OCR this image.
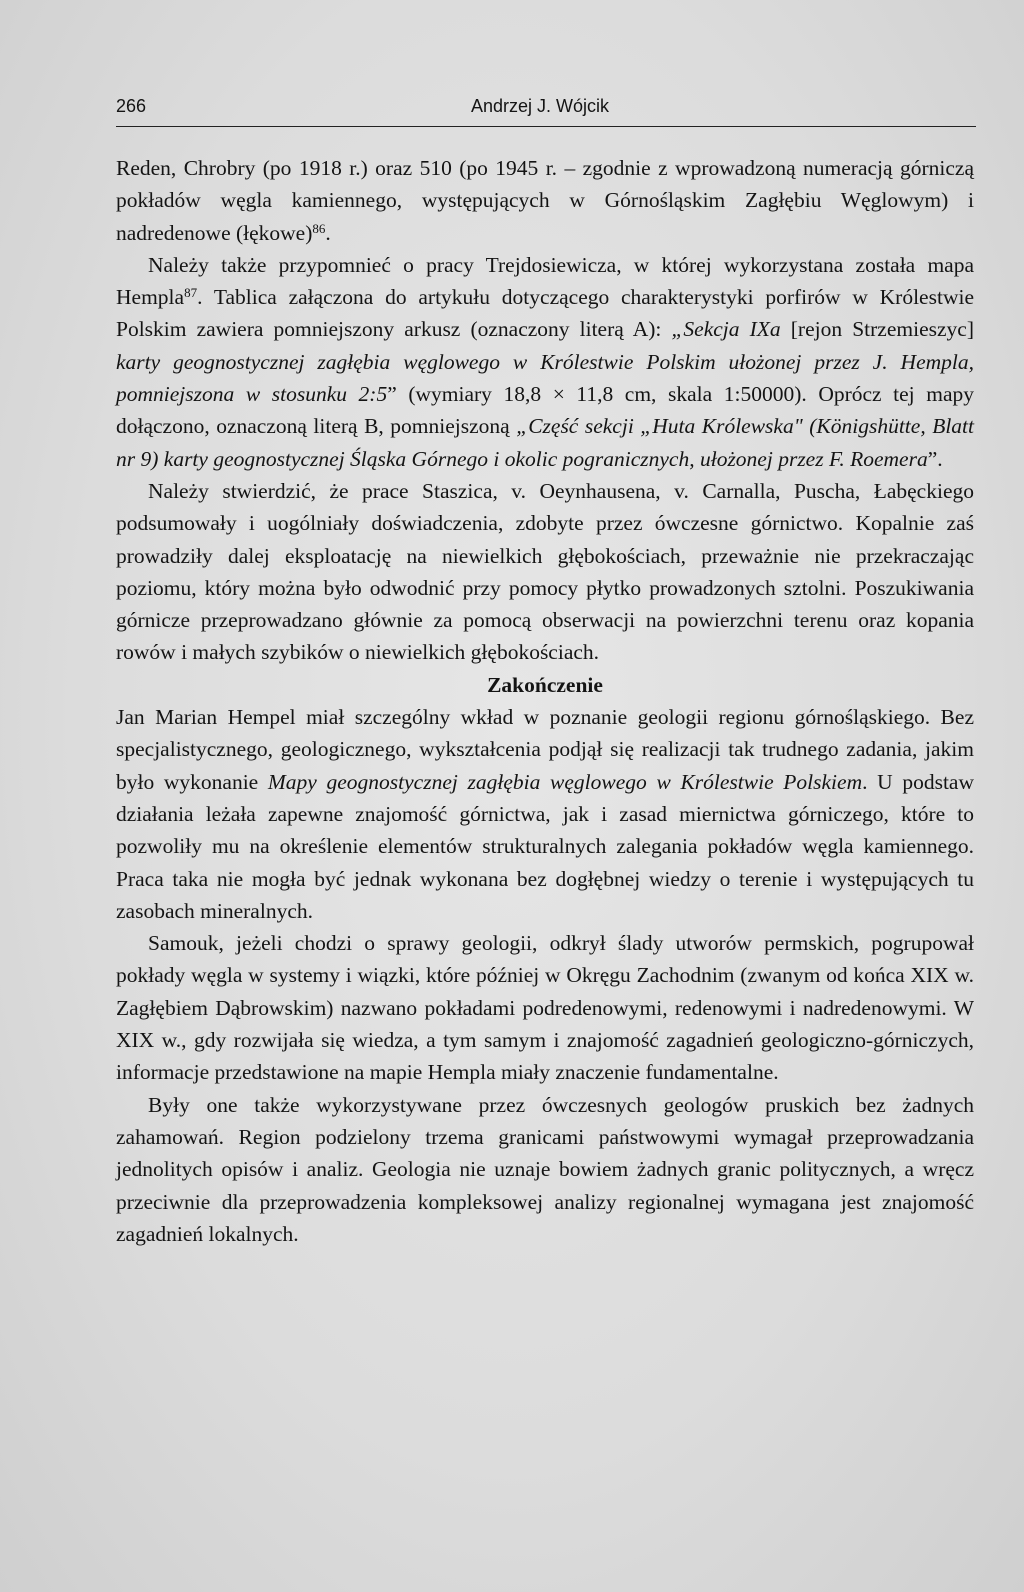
266	Andrzej J. Wójcik

Reden, Chrobry (po 1918 r.) oraz 510 (po 1945 r. – zgodnie z wprowadzoną numeracją górniczą pokładów węgla kamiennego, występujących w Górnośląskim Zagłębiu Węglowym) i nadredenowe (łękowe)$^{86}$.

Należy także przypomnieć o pracy Trejdosiewicza, w której wykorzystana została mapa Hempla$^{87}$. Tablica załączona do artykułu dotyczącego charakterystyki porfirów w Królestwie Polskim zawiera pomniejszony arkusz (oznaczony literą A): „Sekcja IXa [rejon Strzemieszyc] karty geognostycznej zagłębia węglowego w Królestwie Polskim ułożonej przez J. Hempla, pomniejszona w stosunku 2:5” (wymiary 18,8 × 11,8 cm, skala 1:50000). Oprócz tej mapy dołączono, oznaczoną literą B, pomniejszoną „Część sekcji „Huta Królewska" (Königshütte, Blatt nr 9) karty geognostycznej Śląska Górnego i okolic pogranicznych, ułożonej przez F. Roemera”.

Należy stwierdzić, że prace Staszica, v. Oeynhausena, v. Carnalla, Puscha, Łabęckiego podsumowały i uogólniały doświadczenia, zdobyte przez ówczesne górnictwo. Kopalnie zaś prowadziły dalej eksploatację na niewielkich głębokościach, przeważnie nie przekraczając poziomu, który można było odwodnić przy pomocy płytko prowadzonych sztolni. Poszukiwania górnicze przeprowadzano głównie za pomocą obserwacji na powierzchni terenu oraz kopania rowów i małych szybików o niewielkich głębokościach.

Zakończenie

Jan Marian Hempel miał szczególny wkład w poznanie geologii regionu górnośląskiego. Bez specjalistycznego, geologicznego, wykształcenia podjął się realizacji tak trudnego zadania, jakim było wykonanie Mapy geognostycznej zagłębia węglowego w Królestwie Polskiem. U podstaw działania leżała zapewne znajomość górnictwa, jak i zasad miernictwa górniczego, które to pozwoliły mu na określenie elementów strukturalnych zalegania pokładów węgla kamiennego. Praca taka nie mogła być jednak wykonana bez dogłębnej wiedzy o terenie i występujących tu zasobach mineralnych.

Samouk, jeżeli chodzi o sprawy geologii, odkrył ślady utworów permskich, pogrupował pokłady węgla w systemy i wiązki, które później w Okręgu Zachodnim (zwanym od końca XIX w. Zagłębiem Dąbrowskim) nazwano pokładami podredenowymi, redenowymi i nadredenowymi. W XIX w., gdy rozwijała się wiedza, a tym samym i znajomość zagadnień geologiczno-górniczych, informacje przedstawione na mapie Hempla miały znaczenie fundamentalne.

Były one także wykorzystywane przez ówczesnych geologów pruskich bez żadnych zahamowań. Region podzielony trzema granicami państwowymi wymagał przeprowadzania jednolitych opisów i analiz. Geologia nie uznaje bowiem żadnych granic politycznych, a wręcz przeciwnie dla przeprowadzenia kompleksowej analizy regionalnej wymagana jest znajomość zagadnień lokalnych.
